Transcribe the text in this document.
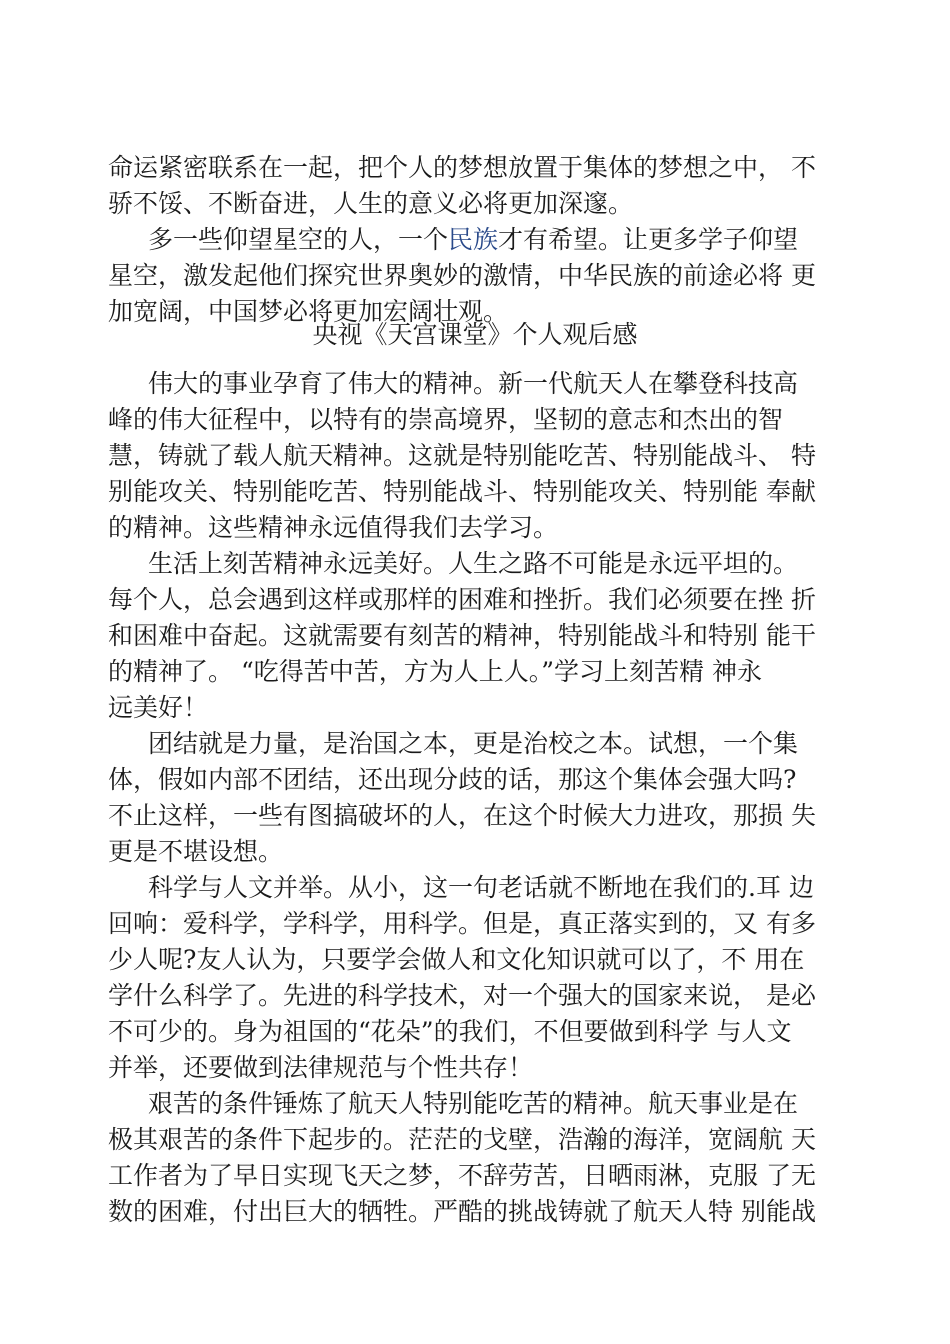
命运紧密联系在一起，把个人的梦想放置于集体的梦想之中， 不

骄不馁、不断奋进，人生的意义必将更加深邃。

多一些仰望星空的人，一个民族才有希望。让更多学子仰望

星空，激发起他们探究世界奥妙的激情，中华民族的前途必将 更

加宽阔，中国梦必将更加宏阔壮观。

央视《天宫课堂》个人观后感
伟大的事业孕育了伟大的精神。新一代航天人在攀登科技高
峰的伟大征程中，以特有的崇高境界，坚韧的意志和杰出的智
慧，铸就了载人航天精神。这就是特别能吃苦、特别能战斗、 特
别能攻关、特别能吃苦、特别能战斗、特别能攻关、特别能 奉献
的精神。这些精神永远值得我们去学习。
生活上刻苦精神永远美好。人生之路不可能是永远平坦的。
每个人，总会遇到这样或那样的困难和挫折。我们必须要在挫 折
和困难中奋起。这就需要有刻苦的精神，特别能战斗和特别 能干
的精神了。 “吃得苦中苦，方为人上人。”学习上刻苦精 神永
远美好！
团结就是力量，是治国之本，更是治校之本。试想，一个集
体，假如内部不团结，还出现分歧的话，那这个集体会强大吗?
不止这样，一些有图搞破坏的人，在这个时候大力进攻，那损 失
更是不堪设想。
科学与人文并举。从小，这一句老话就不断地在我们的.耳 边
回响：爱科学，学科学，用科学。但是，真正落实到的，又 有多
少人呢?友人认为，只要学会做人和文化知识就可以了，不 用在
学什么科学了。先进的科学技术，对一个强大的国家来说， 是必
不可少的。身为祖国的“花朵”的我们，不但要做到科学 与人文
并举，还要做到法律规范与个性共存！
艰苦的条件锤炼了航天人特别能吃苦的精神。航天事业是在
极其艰苦的条件下起步的。茫茫的戈壁，浩瀚的海洋，宽阔航 天
工作者为了早日实现飞天之梦，不辞劳苦，日晒雨淋，克服 了无
数的困难，付出巨大的牺牲。严酷的挑战铸就了航天人特 别能战
